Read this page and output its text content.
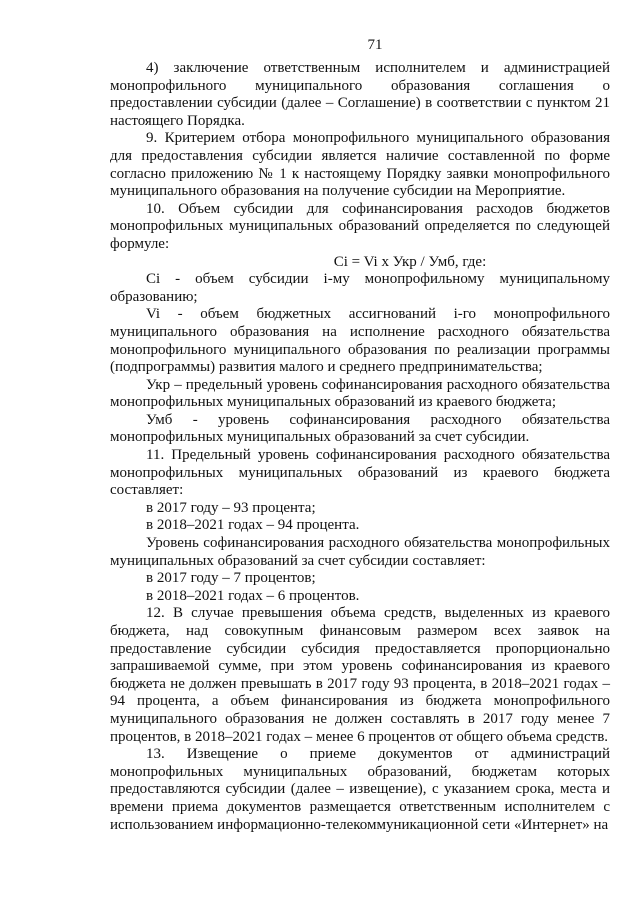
71

4) заключение ответственным исполнителем и администрацией монопрофильного муниципального образования соглашения о предоставлении субсидии (далее – Соглашение) в соответствии с пунктом 21 настоящего Порядка.

9. Критерием отбора монопрофильного муниципального образования для предоставления субсидии является наличие составленной по форме согласно приложению № 1 к настоящему Порядку заявки монопрофильного муниципального образования на получение субсидии на Мероприятие.

10. Объем субсидии для софинансирования расходов бюджетов монопрофильных муниципальных образований определяется по следующей формуле:

Ci = Vi x Укр / Умб, где:

Ci - объем субсидии i-му монопрофильному муниципальному образованию;

Vi - объем бюджетных ассигнований i-го монопрофильного муниципального образования на исполнение расходного обязательства монопрофильного муниципального образования по реализации программы (подпрограммы) развития малого и среднего предпринимательства;

Укр – предельный уровень софинансирования расходного обязательства монопрофильных муниципальных образований из краевого бюджета;

Умб - уровень софинансирования расходного обязательства монопрофильных муниципальных образований за счет субсидии.

11. Предельный уровень софинансирования расходного обязательства монопрофильных муниципальных образований из краевого бюджета составляет:

в 2017 году – 93 процента;

в 2018–2021 годах – 94 процента.

Уровень софинансирования расходного обязательства монопрофильных муниципальных образований за счет субсидии составляет:

в 2017 году – 7 процентов;

в 2018–2021 годах – 6 процентов.

12. В случае превышения объема средств, выделенных из краевого бюджета, над совокупным финансовым размером всех заявок на предоставление субсидии субсидия предоставляется пропорционально запрашиваемой сумме, при этом уровень софинансирования из краевого бюджета не должен превышать в 2017 году 93 процента, в 2018–2021 годах – 94 процента, а объем финансирования из бюджета монопрофильного муниципального образования не должен составлять в 2017 году менее 7 процентов, в 2018–2021 годах – менее 6 процентов от общего объема средств.

13. Извещение о приеме документов от администраций монопрофильных муниципальных образований, бюджетам которых предоставляются субсидии (далее – извещение), с указанием срока, места и времени приема документов размещается ответственным исполнителем с использованием информационно-телекоммуникационной сети «Интернет» на
